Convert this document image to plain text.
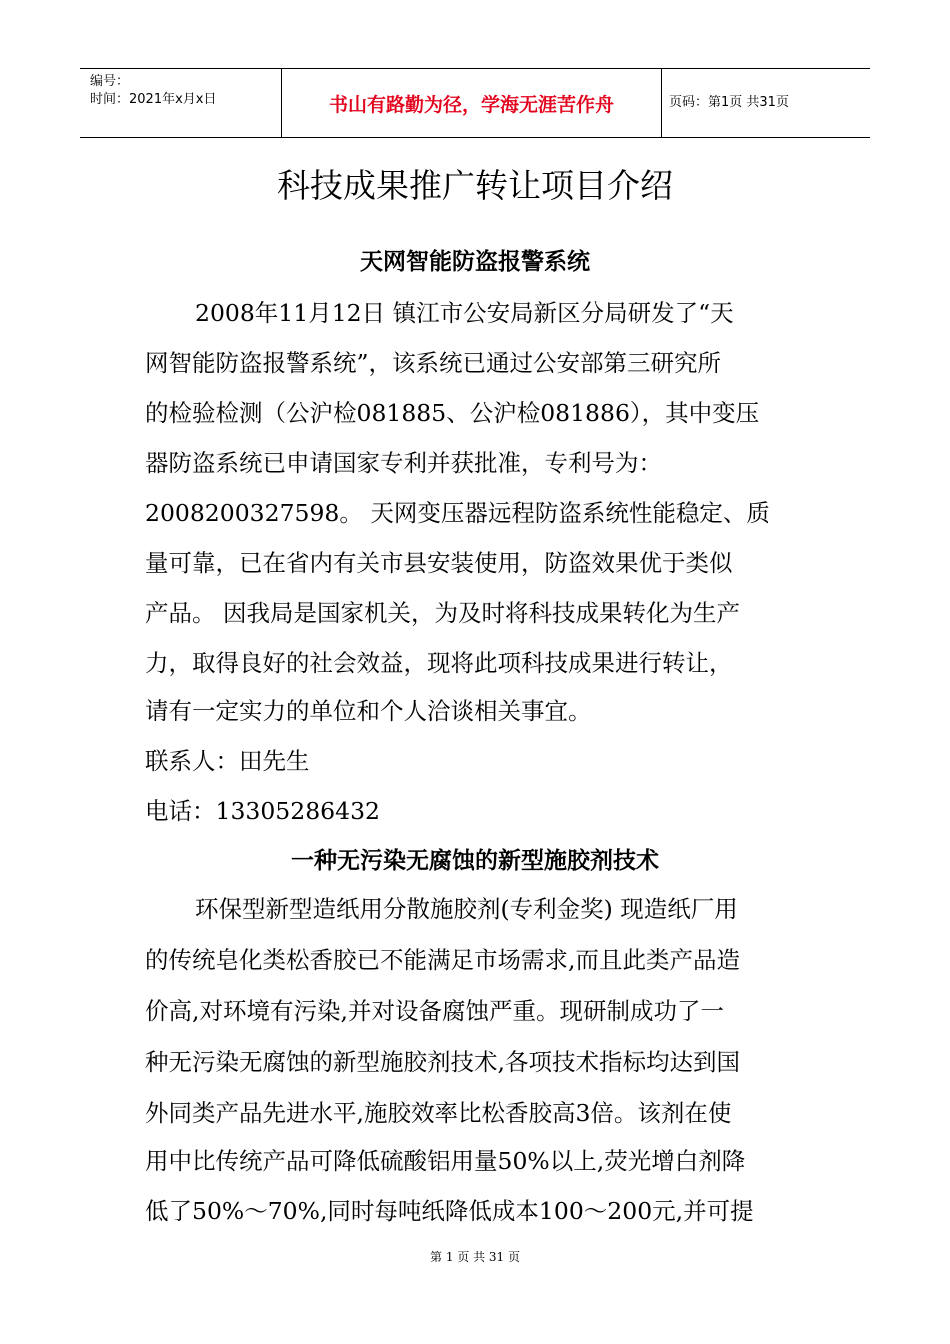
编号：
时间：2021年x月x日	书山有路勤为径，学海无涯苦作舟	页码：第1页 共31页
科技成果推广转让项目介绍
天网智能防盗报警系统
2008年11月12日 镇江市公安局新区分局研发了“天
网智能防盗报警系统”，该系统已通过公安部第三研究所
的检验检测（公沪检081885、公沪检081886），其中变压
器防盗系统已申请国家专利并获批准，专利号为：
2008200327598。 天网变压器远程防盗系统性能稳定、质
量可靠，已在省内有关市县安装使用，防盗效果优于类似
产品。 因我局是国家机关，为及时将科技成果转化为生产
力，取得良好的社会效益，现将此项科技成果进行转让，
请有一定实力的单位和个人洽谈相关事宜。
联系人：田先生
电话：13305286432
一种无污染无腐蚀的新型施胶剂技术
环保型新型造纸用分散施胶剂(专利金奖) 现造纸厂用
的传统皂化类松香胶已不能满足市场需求,而且此类产品造
价高,对环境有污染,并对设备腐蚀严重。现研制成功了一
种无污染无腐蚀的新型施胶剂技术,各项技术指标均达到国
外同类产品先进水平,施胶效率比松香胶高3倍。该剂在使
用中比传统产品可降低硫酸铝用量50%以上,荧光增白剂降
低了50%～70%,同时每吨纸降低成本100～200元,并可提
第 1 页 共 31 页
